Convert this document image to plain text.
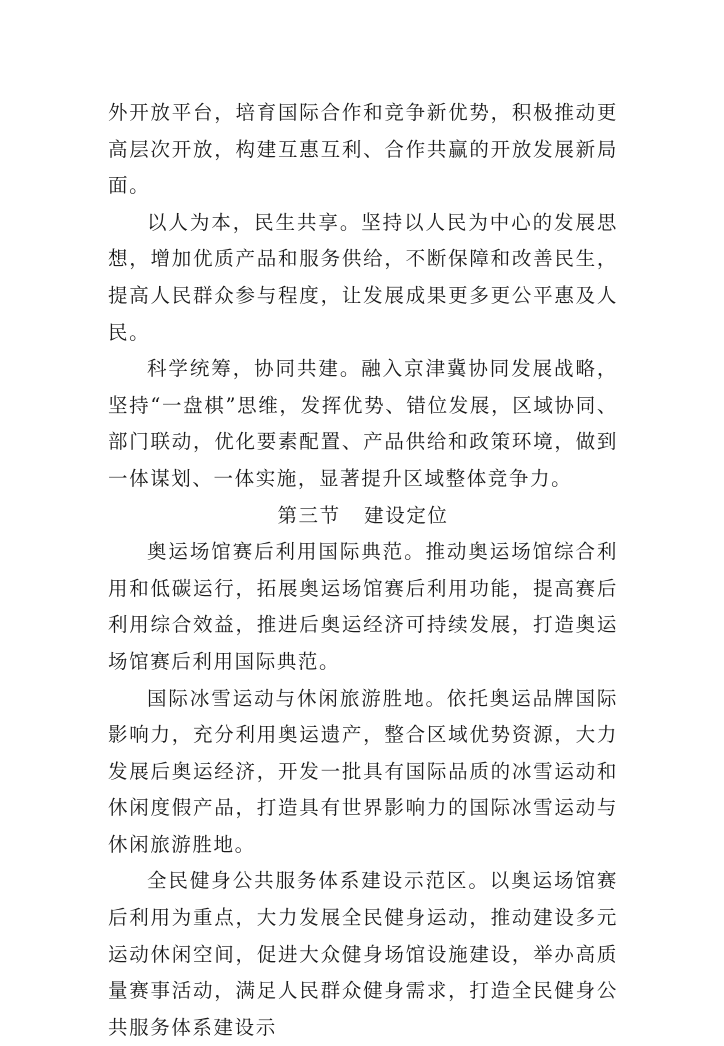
外开放平台，培育国际合作和竞争新优势，积极推动更高层次开放，构建互惠互利、合作共赢的开放发展新局面。

以人为本，民生共享。坚持以人民为中心的发展思想，增加优质产品和服务供给，不断保障和改善民生，提高人民群众参与程度，让发展成果更多更公平惠及人民。

科学统筹，协同共建。融入京津冀协同发展战略，坚持“一盘棋”思维，发挥优势、错位发展，区域协同、部门联动，优化要素配置、产品供给和政策环境，做到一体谋划、一体实施，显著提升区域整体竞争力。

第三节   建设定位

奥运场馆赛后利用国际典范。推动奥运场馆综合利用和低碳运行，拓展奥运场馆赛后利用功能，提高赛后利用综合效益，推进后奥运经济可持续发展，打造奥运场馆赛后利用国际典范。

国际冰雪运动与休闲旅游胜地。依托奥运品牌国际影响力，充分利用奥运遗产，整合区域优势资源，大力发展后奥运经济，开发一批具有国际品质的冰雪运动和休闲度假产品，打造具有世界影响力的国际冰雪运动与休闲旅游胜地。

全民健身公共服务体系建设示范区。以奥运场馆赛后利用为重点，大力发展全民健身运动，推动建设多元运动休闲空间，促进大众健身场馆设施建设，举办高质量赛事活动，满足人民群众健身需求，打造全民健身公共服务体系建设示
